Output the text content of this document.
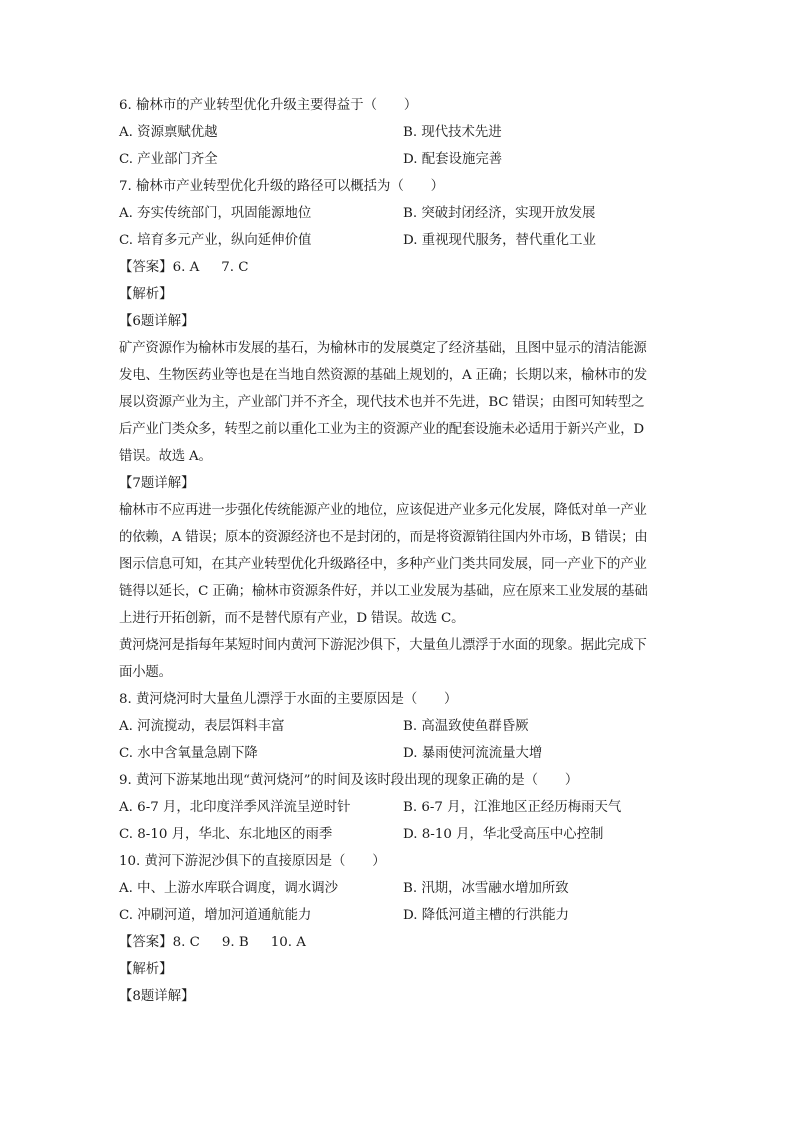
6. 榆林市的产业转型优化升级主要得益于（　　）
A. 资源禀赋优越	B. 现代技术先进
C. 产业部门齐全	D. 配套设施完善
7. 榆林市产业转型优化升级的路径可以概括为（　　）
A. 夯实传统部门，巩固能源地位	B. 突破封闭经济，实现开放发展
C. 培育多元产业，纵向延伸价值	D. 重视现代服务，替代重化工业
【答案】6. A 7. C
【解析】
【6题详解】
矿产资源作为榆林市发展的基石，为榆林市的发展奠定了经济基础，且图中显示的清洁能源
发电、生物医药业等也是在当地自然资源的基础上规划的，A 正确；长期以来，榆林市的发
展以资源产业为主，产业部门并不齐全，现代技术也并不先进，BC 错误；由图可知转型之
后产业门类众多，转型之前以重化工业为主的资源产业的配套设施未必适用于新兴产业，D
错误。故选 A。
【7题详解】
榆林市不应再进一步强化传统能源产业的地位，应该促进产业多元化发展，降低对单一产业
的依赖，A 错误；原本的资源经济也不是封闭的，而是将资源销往国内外市场，B 错误；由
图示信息可知，在其产业转型优化升级路径中，多种产业门类共同发展，同一产业下的产业
链得以延长，C 正确；榆林市资源条件好，并以工业发展为基础，应在原来工业发展的基础
上进行开拓创新，而不是替代原有产业，D 错误。故选 C。
黄河烧河是指每年某短时间内黄河下游泥沙俱下，大量鱼儿漂浮于水面的现象。据此完成下
面小题。
8. 黄河烧河时大量鱼儿漂浮于水面的主要原因是（　　）
A. 河流搅动，表层饵料丰富	B. 高温致使鱼群昏厥
C. 水中含氧量急剧下降	D. 暴雨使河流流量大增
9. 黄河下游某地出现“黄河烧河”的时间及该时段出现的现象正确的是（　　）
A. 6-7 月，北印度洋季风洋流呈逆时针	B. 6-7 月，江淮地区正经历梅雨天气
C. 8-10 月，华北、东北地区的雨季	D. 8-10 月，华北受高压中心控制
10. 黄河下游泥沙俱下的直接原因是（　　）
A. 中、上游水库联合调度，调水调沙	B. 汛期，冰雪融水增加所致
C. 冲刷河道，增加河道通航能力	D. 降低河道主槽的行洪能力
【答案】8. C 9. B 10. A
【解析】
【8题详解】
